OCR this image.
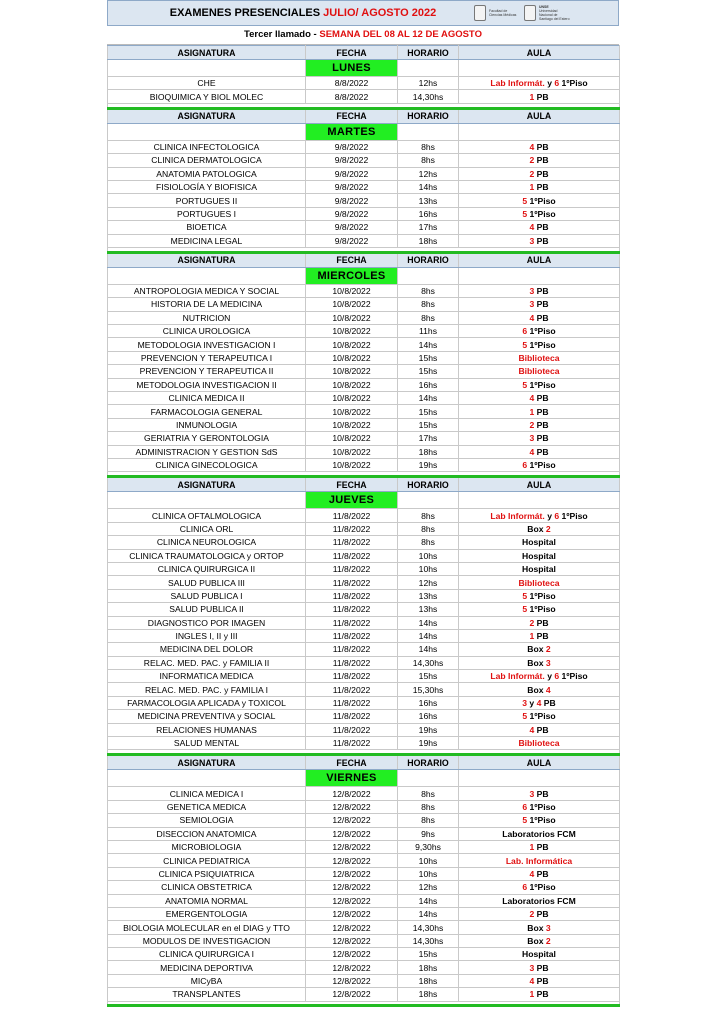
EXAMENES PRESENCIALES JULIO/ AGOSTO 2022	Facultad de Ciencias Médicas
UNSE
Universidad Nacional de Santiago del Estero
Tercer llamado - SEMANA DEL 08 AL 12 DE AGOSTO
ASIGNATURA	FECHA	HORARIO	AULA
	LUNES		
CHE	8/8/2022	12hs	Lab Informát. y 6 1ºPiso
BIOQUIMICA Y BIOL MOLEC	8/8/2022	14,30hs	1 PB

ASIGNATURA	FECHA	HORARIO	AULA
	MARTES		
CLINICA INFECTOLOGICA	9/8/2022	8hs	4 PB
CLINICA DERMATOLOGICA	9/8/2022	8hs	2 PB
ANATOMIA PATOLOGICA	9/8/2022	12hs	2 PB
FISIOLOGÍA Y BIOFISICA	9/8/2022	14hs	1 PB
PORTUGUES II	9/8/2022	13hs	5 1ºPiso
PORTUGUES I	9/8/2022	16hs	5 1ºPiso
BIOETICA	9/8/2022	17hs	4 PB
MEDICINA LEGAL	9/8/2022	18hs	3 PB

ASIGNATURA	FECHA	HORARIO	AULA
	MIERCOLES		
ANTROPOLOGIA MEDICA Y SOCIAL	10/8/2022	8hs	3 PB
HISTORIA DE LA MEDICINA	10/8/2022	8hs	3 PB
NUTRICION	10/8/2022	8hs	4 PB
CLINICA UROLOGICA	10/8/2022	11hs	6 1ºPiso
METODOLOGIA INVESTIGACION I	10/8/2022	14hs	5 1ºPiso
PREVENCION Y TERAPEUTICA I	10/8/2022	15hs	Biblioteca
PREVENCION Y TERAPEUTICA II	10/8/2022	15hs	Biblioteca
METODOLOGIA INVESTIGACION II	10/8/2022	16hs	5 1ºPiso
CLINICA MEDICA II	10/8/2022	14hs	4 PB
FARMACOLOGIA GENERAL	10/8/2022	15hs	1 PB
INMUNOLOGIA	10/8/2022	15hs	2 PB
GERIATRIA Y GERONTOLOGIA	10/8/2022	17hs	3 PB
ADMINISTRACION Y GESTION SdS	10/8/2022	18hs	4 PB
CLINICA GINECOLOGICA	10/8/2022	19hs	6 1ºPiso

ASIGNATURA	FECHA	HORARIO	AULA
	JUEVES		
CLINICA OFTALMOLOGICA	11/8/2022	8hs	Lab Informát. y 6 1ºPiso
CLINICA ORL	11/8/2022	8hs	Box 2
CLINICA NEUROLOGICA	11/8/2022	8hs	Hospital
CLINICA TRAUMATOLOGICA y ORTOP	11/8/2022	10hs	Hospital
CLINICA QUIRURGICA II	11/8/2022	10hs	Hospital
SALUD PUBLICA III	11/8/2022	12hs	Biblioteca
SALUD PUBLICA I	11/8/2022	13hs	5 1ºPiso
SALUD PUBLICA II	11/8/2022	13hs	5 1ºPiso
DIAGNOSTICO POR IMAGEN	11/8/2022	14hs	2 PB
INGLES I, II y III	11/8/2022	14hs	1 PB
MEDICINA DEL DOLOR	11/8/2022	14hs	Box 2
RELAC. MED. PAC. y FAMILIA II	11/8/2022	14,30hs	Box 3
INFORMATICA MEDICA	11/8/2022	15hs	Lab Informát. y 6 1ºPiso
RELAC. MED. PAC. y FAMILIA I	11/8/2022	15,30hs	Box 4
FARMACOLOGIA APLICADA y TOXICOL	11/8/2022	16hs	3 y 4 PB
MEDICINA PREVENTIVA y SOCIAL	11/8/2022	16hs	5 1ºPiso
RELACIONES HUMANAS	11/8/2022	19hs	4 PB
SALUD MENTAL	11/8/2022	19hs	Biblioteca

ASIGNATURA	FECHA	HORARIO	AULA
	VIERNES		
CLINICA MEDICA I	12/8/2022	8hs	3 PB
GENETICA MEDICA	12/8/2022	8hs	6 1ºPiso
SEMIOLOGIA	12/8/2022	8hs	5 1ºPiso
DISECCION ANATOMICA	12/8/2022	9hs	Laboratorios FCM
MICROBIOLOGIA	12/8/2022	9,30hs	1 PB
CLINICA PEDIATRICA	12/8/2022	10hs	Lab. Informática
CLINICA PSIQUIATRICA	12/8/2022	10hs	4 PB
CLINICA OBSTETRICA	12/8/2022	12hs	6 1ºPiso
ANATOMIA NORMAL	12/8/2022	14hs	Laboratorios FCM
EMERGENTOLOGIA	12/8/2022	14hs	2 PB
BIOLOGIA MOLECULAR en el DIAG y TTO	12/8/2022	14,30hs	Box 3
MODULOS DE INVESTIGACION	12/8/2022	14,30hs	Box 2
CLINICA QUIRURGICA I	12/8/2022	15hs	Hospital
MEDICINA DEPORTIVA	12/8/2022	18hs	3 PB
MICyBA	12/8/2022	18hs	4 PB
TRANSPLANTES	12/8/2022	18hs	1 PB
